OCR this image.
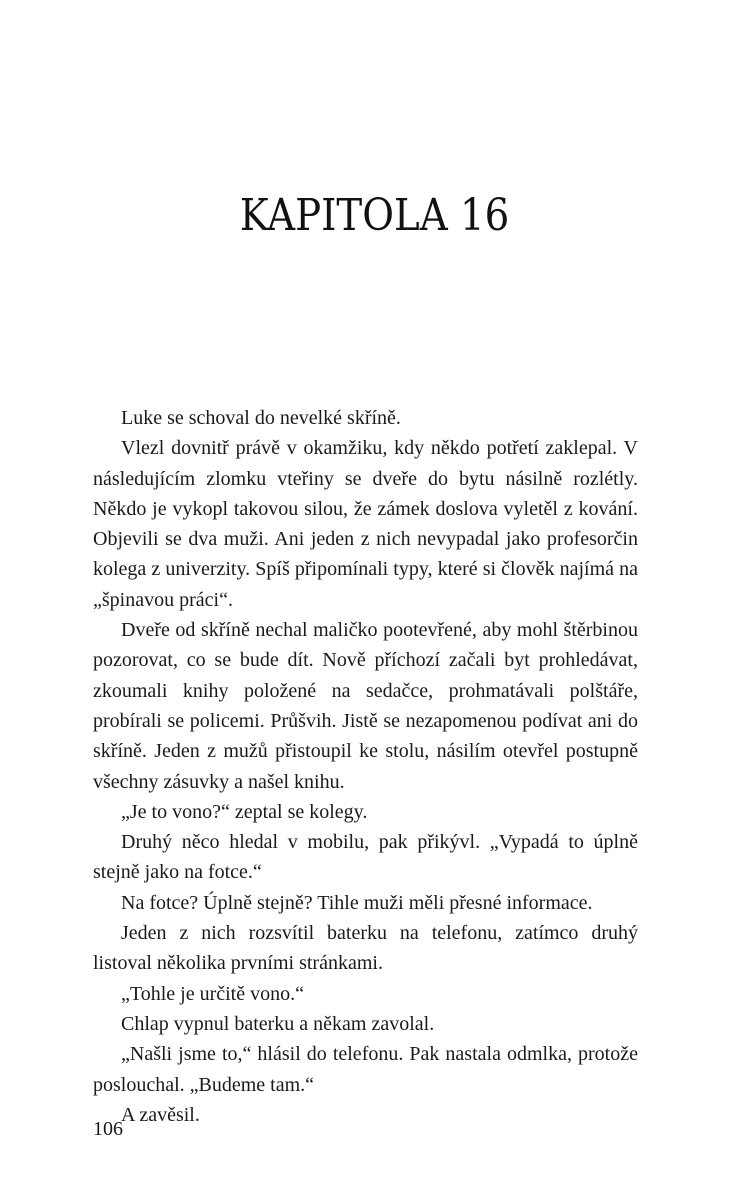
KAPITOLA 16

Luke se schoval do nevelké skříně.

Vlezl dovnitř právě v okamžiku, kdy někdo potřetí zaklepal. V následujícím zlomku vteřiny se dveře do bytu násilně rozlétly. Někdo je vykopl takovou silou, že zámek doslova vyletěl z kování. Objevili se dva muži. Ani jeden z nich nevypadal jako profesorčin kolega z univerzity. Spíš připomínali typy, které si člověk najímá na „špinavou práci“.

Dveře od skříně nechal maličko pootevřené, aby mohl štěrbinou pozorovat, co se bude dít. Nově příchozí začali byt prohledávat, zkoumali knihy položené na sedačce, prohmatávali polštáře, probírali se policemi. Průšvih. Jistě se nezapomenou podívat ani do skříně. Jeden z mužů přistoupil ke stolu, násilím otevřel postupně všechny zásuvky a našel knihu.

„Je to vono?“ zeptal se kolegy.

Druhý něco hledal v mobilu, pak přikývl. „Vypadá to úplně stejně jako na fotce.“

Na fotce? Úplně stejně? Tihle muži měli přesné informace.

Jeden z nich rozsvítil baterku na telefonu, zatímco druhý listoval několika prvními stránkami.

„Tohle je určitě vono.“

Chlap vypnul baterku a někam zavolal.

„Našli jsme to,“ hlásil do telefonu. Pak nastala odmlka, protože poslouchal. „Budeme tam.“

A zavěsil.

106
